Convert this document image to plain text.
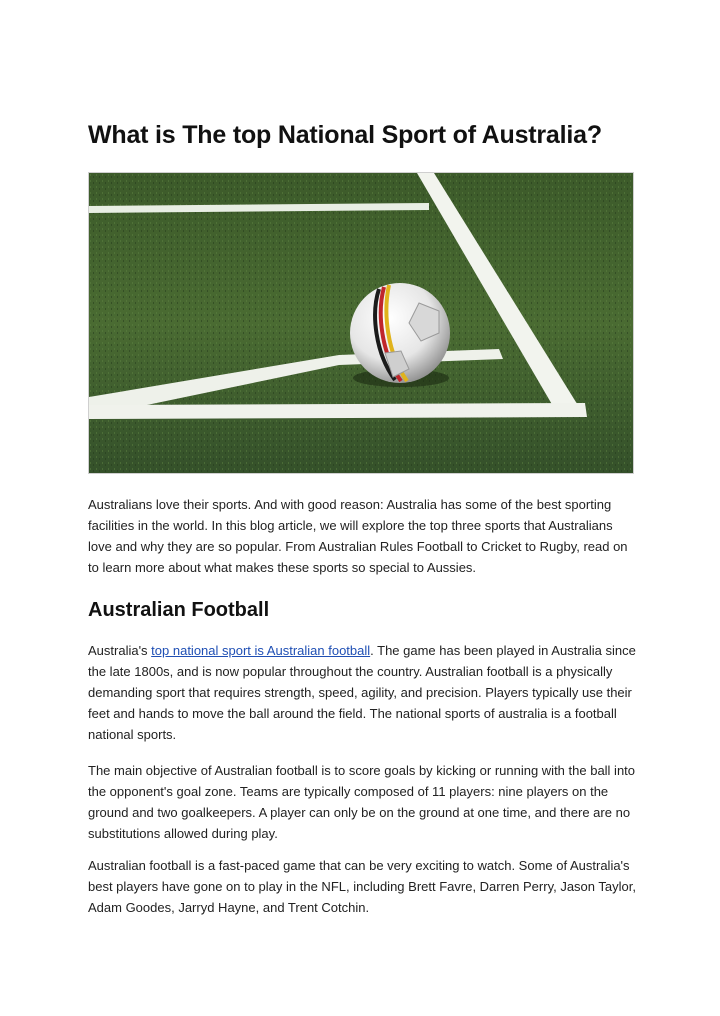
What is The top National Sport of Australia?

Australians love their sports. And with good reason: Australia has some of the best sporting facilities in the world. In this blog article, we will explore the top three sports that Australians love and why they are so popular. From Australian Rules Football to Cricket to Rugby, read on to learn more about what makes these sports so special to Aussies.

Australian Football

Australia's top national sport is Australian football. The game has been played in Australia since the late 1800s, and is now popular throughout the country. Australian football is a physically demanding sport that requires strength, speed, agility, and precision. Players typically use their feet and hands to move the ball around the field. The national sports of australia is a football national sports.

The main objective of Australian football is to score goals by kicking or running with the ball into the opponent's goal zone. Teams are typically composed of 11 players: nine players on the ground and two goalkeepers. A player can only be on the ground at one time, and there are no substitutions allowed during play.

Australian football is a fast-paced game that can be very exciting to watch. Some of Australia's best players have gone on to play in the NFL, including Brett Favre, Darren Perry, Jason Taylor, Adam Goodes, Jarryd Hayne, and Trent Cotchin.
